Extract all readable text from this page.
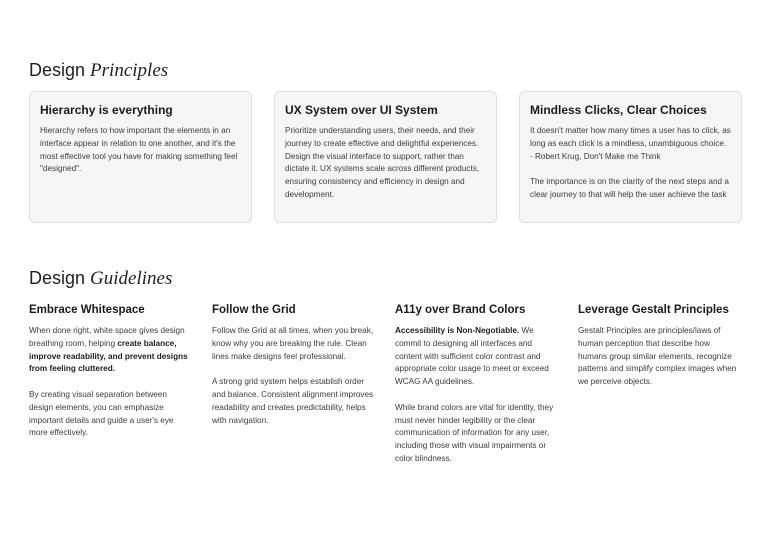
Design Principles
Hierarchy is everything

Hierarchy refers to how important the elements in an interface appear in relation to one another, and it's the most effective tool you have for making something feel "designed".

UX System over UI System

Prioritize understanding users, their needs, and their journey to create effective and delightful experiences. Design the visual interface to support, rather than dictate it. UX systems scale across different products, ensuring consistency and efficiency in design and development.

Mindless Clicks, Clear Choices

It doesn't matter how many times a user has to click, as long as each click is a mindless, unambiguous choice. - Robert Krug, Don't Make me Think

The importance is on the clarity of the next steps and a clear journey to that will help the user achieve the task

Design Guidelines
Embrace Whitespace

When done right, white space gives design breathing room, helping create balance, improve readability, and prevent designs from feeling cluttered.

By creating visual separation between design elements, you can emphasize important details and guide a user's eye more effectively.

Follow the Grid

Follow the Grid at all times, when you break, know why you are breaking the rule. Clean lines make designs feel professional.

A strong grid system helps establish order and balance. Consistent alignment improves readability and creates predictability, helps with navigation.

A11y over Brand Colors

Accessibility is Non-Negotiable. We commit to designing all interfaces and content with sufficient color contrast and appropriate color usage to meet or exceed WCAG AA guidelines.

While brand colors are vital for identity, they must never hinder legibility or the clear communication of information for any user, including those with visual impairments or color blindness.

Leverage Gestalt Principles

Gestalt Principles are principles/laws of human perception that describe how humans group similar elements, recognize patterns and simplify complex images when we perceive objects.
